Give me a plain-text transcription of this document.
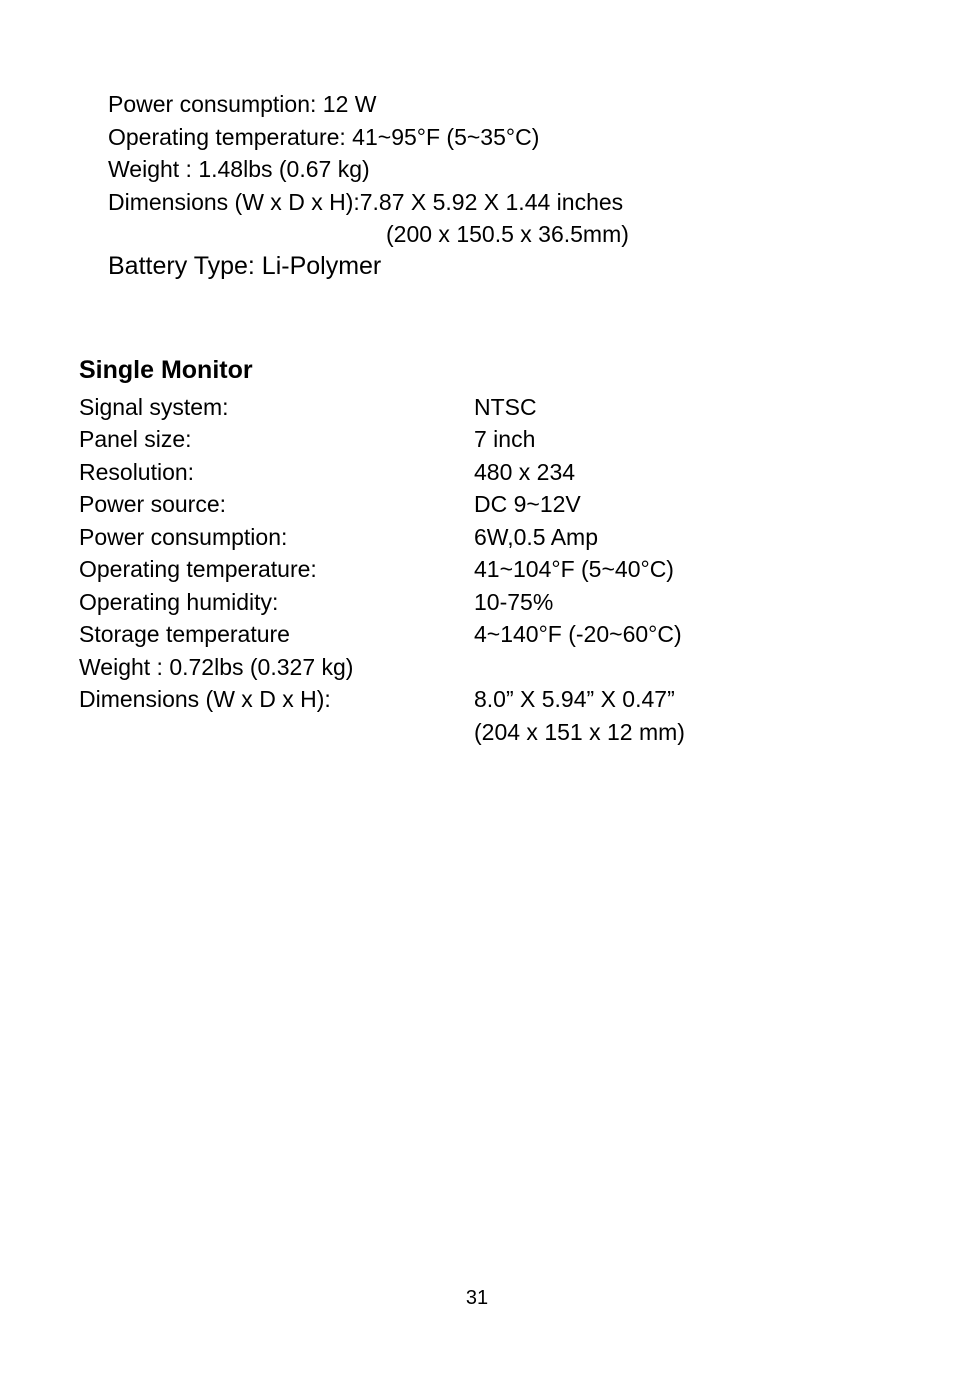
Power consumption: 12 W
Operating temperature: 41~95°F (5~35°C)
Weight : 1.48lbs (0.67 kg)
Dimensions (W x D x H):7.87 X 5.92 X 1.44 inches
(200 x 150.5 x 36.5mm)
Battery Type: Li-Polymer
Single Monitor
Signal system:	NTSC
Panel size:	7 inch
Resolution:	480 x 234
Power source:	DC 9~12V
Power consumption:	6W,0.5 Amp
Operating temperature:	41~104°F (5~40°C)
Operating humidity:	10-75%
Storage temperature	4~140°F (-20~60°C)
Weight : 0.72lbs (0.327 kg)
Dimensions (W x D x H):	8.0” X 5.94” X 0.47”
(204 x 151 x 12 mm)
31
